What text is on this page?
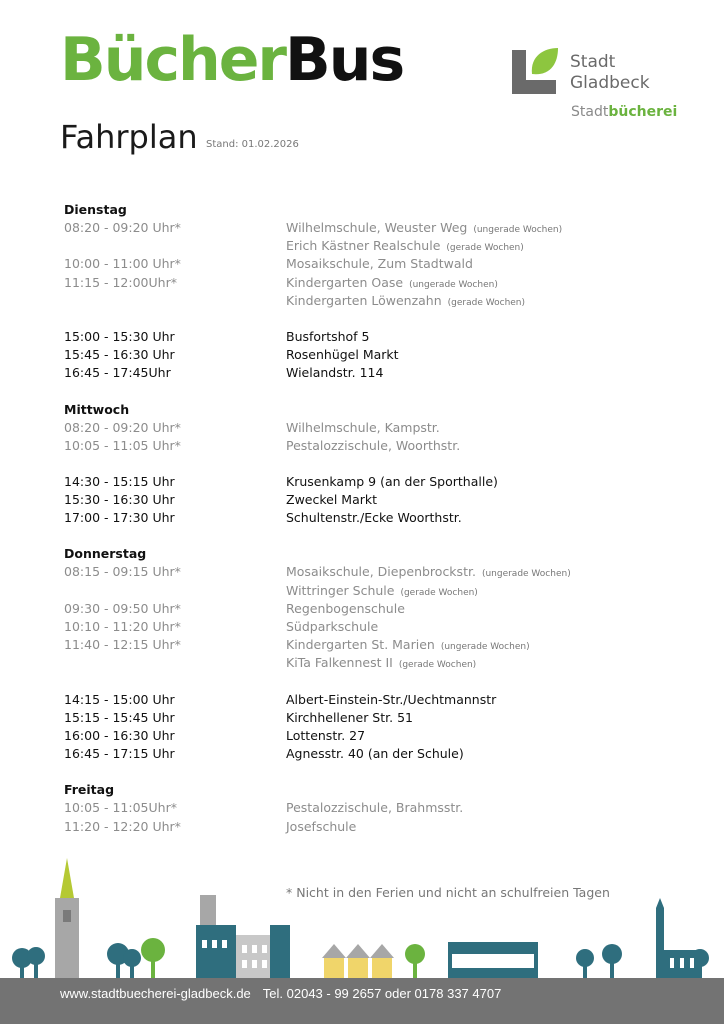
BücherBus	Stadt
Gladbeck
Stadtbücherei
Fahrplan Stand: 01.02.2026
Dienstag
08:20 - 09:20 Uhr*	Wilhelmschule, Weuster Weg (ungerade Wochen)
Erich Kästner Realschule (gerade Wochen)
10:00 - 11:00 Uhr*	Mosaikschule, Zum Stadtwald
11:15 - 12:00Uhr*	Kindergarten Oase (ungerade Wochen)
Kindergarten Löwenzahn (gerade Wochen)
15:00 - 15:30 Uhr	Busfortshof 5
15:45 - 16:30 Uhr	Rosenhügel Markt
16:45 - 17:45Uhr	Wielandstr. 114
Mittwoch
08:20 - 09:20 Uhr*	Wilhelmschule, Kampstr.
10:05 - 11:05 Uhr*	Pestalozzischule, Woorthstr.
14:30 - 15:15 Uhr	Krusenkamp 9 (an der Sporthalle)
15:30 - 16:30 Uhr	Zweckel Markt
17:00 - 17:30 Uhr	Schultenstr./Ecke Woorthstr.
Donnerstag
08:15 - 09:15 Uhr*	Mosaikschule, Diepenbrockstr. (ungerade Wochen)
Wittringer Schule (gerade Wochen)
09:30 - 09:50 Uhr*	Regenbogenschule
10:10 - 11:20 Uhr*	Südparkschule
11:40 - 12:15 Uhr*	Kindergarten St. Marien (ungerade Wochen)
KiTa Falkennest II (gerade Wochen)
14:15 - 15:00 Uhr	Albert-Einstein-Str./Uechtmannstr
15:15 - 15:45 Uhr	Kirchhellener Str. 51
16:00 - 16:30 Uhr	Lottenstr. 27
16:45 - 17:15 Uhr	Agnesstr. 40 (an der Schule)
Freitag
10:05 - 11:05Uhr*	Pestalozzischule, Brahmsstr.
11:20 - 12:20 Uhr*	Josefschule
* Nicht in den Ferien und nicht an schulfreien Tagen
www.stadtbuecherei-gladbeck.de Tel. 02043 - 99 2657 oder 0178 337 4707
